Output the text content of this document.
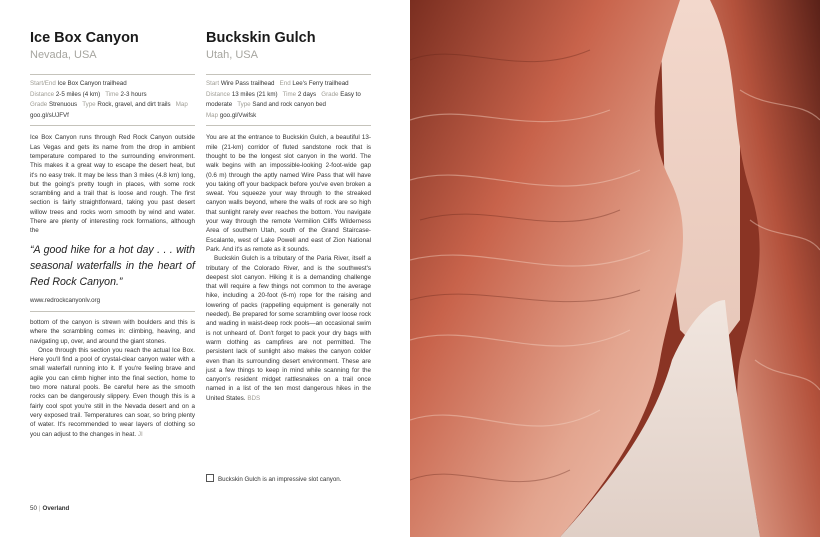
Ice Box Canyon
Nevada, USA
Start/End Ice Box Canyon trailhead
Distance 2-5 miles (4 km) Time 2-3 hours
Grade Strenuous Type Rock, gravel, and dirt trails Map goo.gl/sUJFVf

Ice Box Canyon runs through Red Rock Canyon outside Las Vegas and gets its name from the drop in ambient temperature compared to the surrounding environment. This makes it a great way to escape the desert heat, but it's no easy trek. It may be less than 3 miles (4.8 km) long, but the going's pretty tough in places, with some rock scrambling and a trail that is loose and rough. The first section is fairly straightforward, taking you past desert willow trees and rocks worn smooth by wind and water. There are plenty of interesting rock formations, although the

“A good hike for a hot day . . . with seasonal waterfalls in the heart of Red Rock Canyon.”
www.redrockcanyonlv.org

bottom of the canyon is strewn with boulders and this is where the scrambling comes in: climbing, heaving, and navigating up, over, and around the giant stones.

Once through this section you reach the actual Ice Box. Here you'll find a pool of crystal-clear canyon water with a small waterfall running into it. If you're feeling brave and agile you can climb higher into the final section, home to two more natural pools. Be careful here as the smooth rocks can be dangerously slippery. Even though this is a fairly cool spot you're still in the Nevada desert and on a very exposed trail. Temperatures can soar, so bring plenty of water. It's recommended to wear layers of clothing so you can adjust to the changes in heat. JI

Buckskin Gulch
Utah, USA
Start Wire Pass trailhead End Lee's Ferry trailhead
Distance 13 miles (21 km) Time 2 days Grade Easy to moderate Type Sand and rock canyon bed
Map goo.gl/Vwifsk

You are at the entrance to Buckskin Gulch, a beautiful 13-mile (21-km) corridor of fluted sandstone rock that is thought to be the longest slot canyon in the world. The walk begins with an impossible-looking 2-foot-wide gap (0.6 m) through the aptly named Wire Pass that will have you taking off your backpack before you've even broken a sweat. You squeeze your way through to the streaked canyon walls beyond, where the walls of rock are so high that sunlight rarely ever reaches the bottom. You navigate your way through the remote Vermilion Cliffs Wilderness Area of southern Utah, south of the Grand Staircase-Escalante, west of Lake Powell and east of Zion National Park. And it's as remote as it sounds.

Buckskin Gulch is a tributary of the Paria River, itself a tributary of the Colorado River, and is the southwest's deepest slot canyon. Hiking it is a demanding challenge that will require a few things not common to the average hike, including a 20-foot (6-m) rope for the raising and lowering of packs (rappelling equipment is generally not needed). Be prepared for some scrambling over loose rock and wading in waist-deep rock pools—an occasional swim is not unheard of. Don't forget to pack your dry bags with warm clothing as campfires are not permitted. The persistent lack of sunlight also makes the canyon colder even than its surrounding desert environment. These are just a few things to keep in mind while scanning for the canyon's resident midget rattlesnakes on a trail once named in a list of the ten most dangerous hikes in the United States. BDS

Buckskin Gulch is an impressive slot canyon.
50 | Overland
